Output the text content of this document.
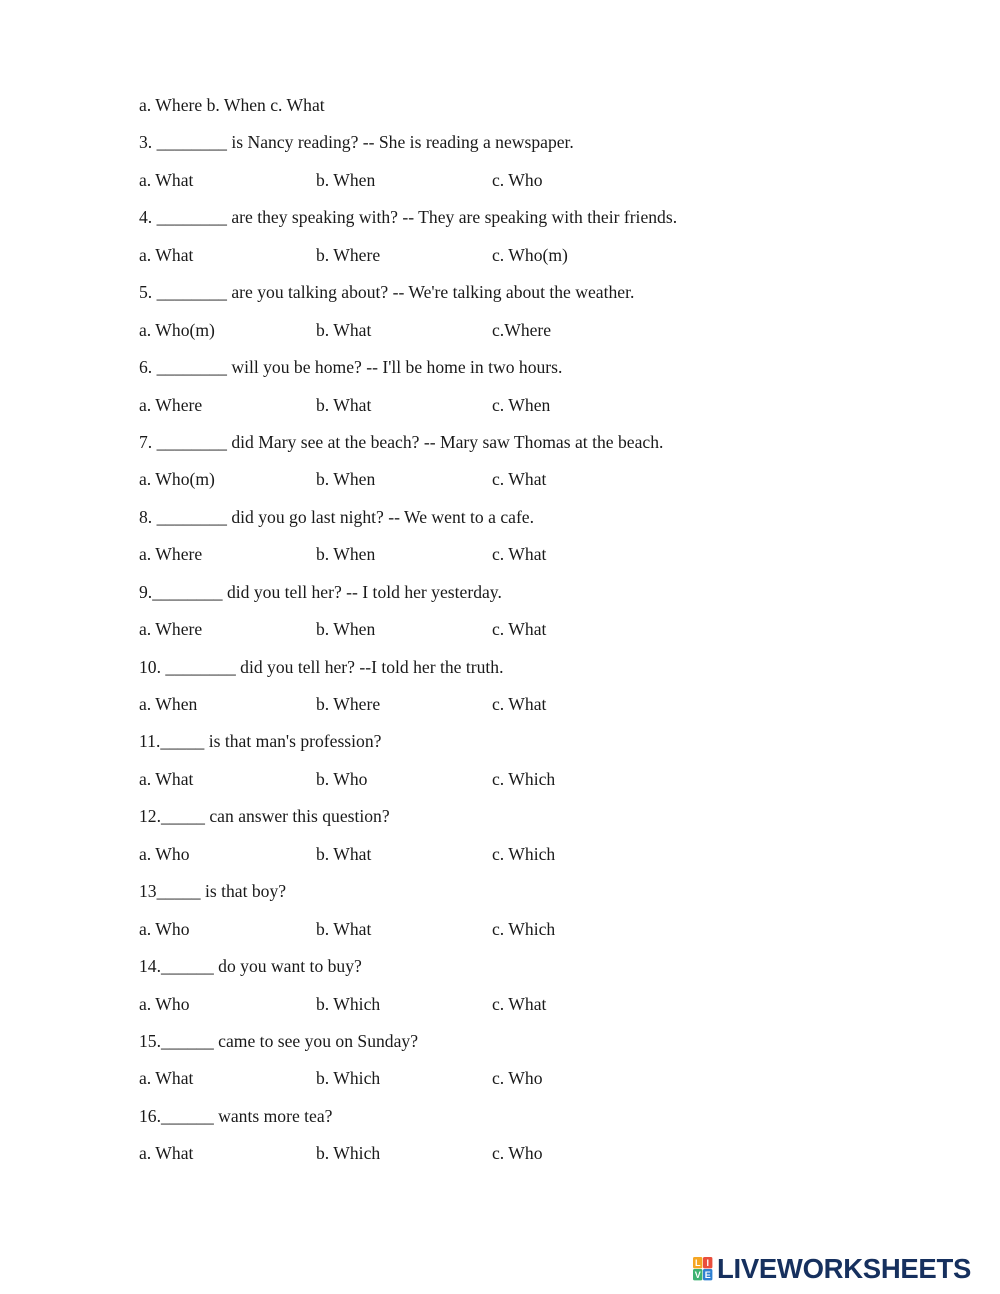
a. Where b. When c. What
3. ________ is Nancy reading? -- She is reading a newspaper.
a. What	b. When	c. Who
4. ________ are they speaking with? -- They are speaking with their friends.
a. What	b. Where	c. Who(m)
5. ________ are you talking about? -- We're talking about the weather.
a. Who(m)	b. What	c.Where
6. ________ will you be home? -- I'll be home in two hours.
a. Where	b. What	c. When
7. ________ did Mary see at the beach? -- Mary saw Thomas at the beach.
a. Who(m)	b. When	c. What
8. ________ did you go last night? -- We went to a cafe.
a. Where	b. When	c. What
9.________ did you tell her? -- I told her yesterday.
a. Where	b. When	c. What
10. ________ did you tell her? --I told her the truth.
a. When	b. Where	c. What
11._____ is that man's profession?
a. What	b. Who	c. Which
12._____ can answer this question?
a. Who	b. What	c. Which
13_____ is that boy?
a. Who	b. What	c. Which
14.______ do you want to buy?
a. Who	b. Which	c. What
15.______ came to see you on Sunday?
a. What	b. Which	c. Who
16.______ wants more tea?
a. What	b. Which	c. Who
L I
V E LIVEWORKSHEETS
